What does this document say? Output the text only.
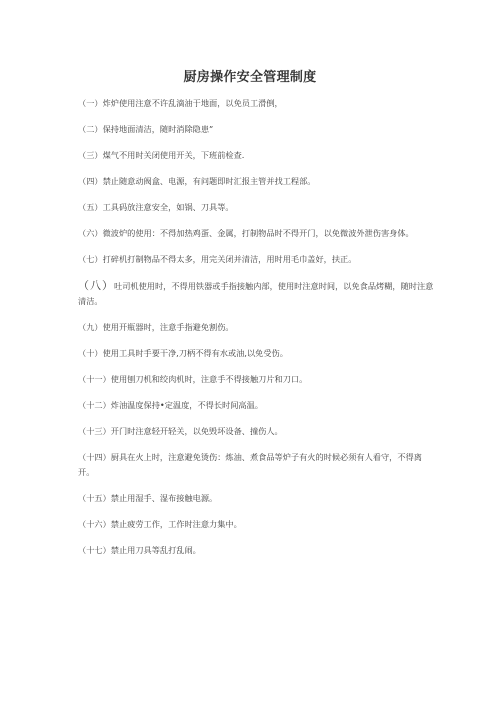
厨房操作安全管理制度

（一）炸炉使用注意不许乱滴油于地面，以免员工滑倒，

（二）保持地面清洁，随时消除隐患”

（三）煤气不用时关闭使用开关，下班前检查.

（四）禁止随意动阀盒、电源，有问题即时汇报主管并找工程部。

（五）工具码放注意安全，如锅、刀具等。

（六）微波炉的使用：不得加热鸡蛋、金属，打制物品时不得开门，以免微波外泄伤害身体。

（七）打碎机打制物品不得太多，用完关闭并清洁，用时用毛巾盖好，扶正。

（八）吐司机使用时，不得用铁器或手指接触内部，使用时注意时间，以免食品烤糊，随时注意清洁。

（九）使用开瓶器时，注意手指避免割伤。

（十）使用工具时手要干净,刀柄不得有水或油,以免受伤。

（十一）使用刨刀机和绞肉机时，注意手不得接触刀片和刀口。

（十二）炸油温度保持•定温度，不得长时间高温。

（十三）开门时注意轻开轻关，以免毁坏设备、撞伤人。

（十四）厨具在火上时，注意避免烫伤：炼油、煮食品等炉子有火的时候必须有人看守，不得离开。

（十五）禁止用湿手、湿布接触电源。

（十六）禁止疲劳工作，工作时注意力集中。

（十七）禁止用刀具等乱打乱闹。
